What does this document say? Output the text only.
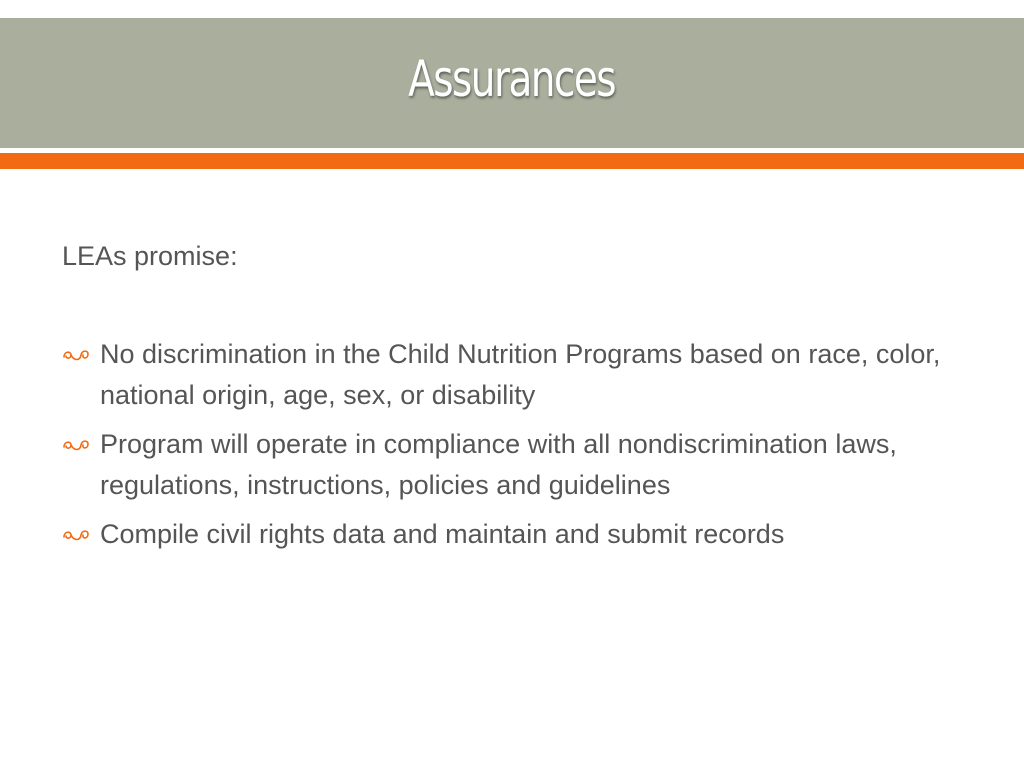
Assurances

LEAs promise:

No discrimination in the Child Nutrition Programs based on race, color, national origin, age, sex, or disability
Program will operate in compliance with all nondiscrimination laws, regulations, instructions, policies and guidelines
Compile civil rights data and maintain and submit records
